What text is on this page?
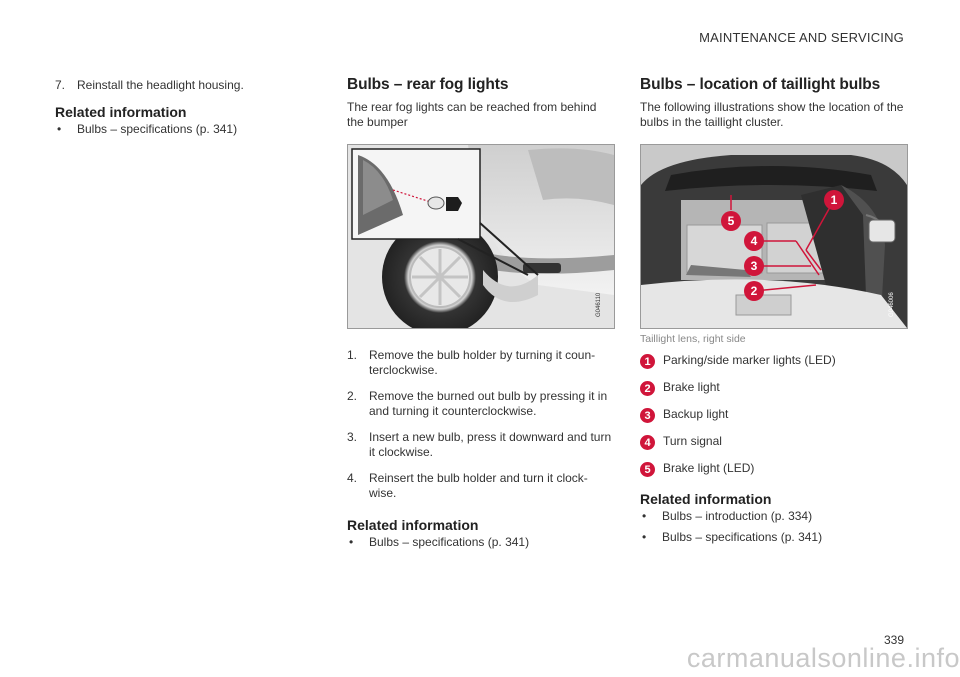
MAINTENANCE AND SERVICING
7. Reinstall the headlight housing.
Related information
• Bulbs – specifications (p. 341)
Bulbs – rear fog lights

The rear fog lights can be reached from behind the bumper

G046110
1. Remove the bulb holder by turning it coun-terclockwise.
2. Remove the burned out bulb by pressing it in and turning it counterclockwise.
3. Insert a new bulb, press it downward and turn it clockwise.
4. Reinsert the bulb holder and turn it clock-wise.
Related information
• Bulbs – specifications (p. 341)
Bulbs – location of taillight bulbs

The following illustrations show the location of the bulbs in the taillight cluster.

1
2
3
4
5
G046006
Taillight lens, right side
1	Parking/side marker lights (LED)
2	Brake light
3	Backup light
4	Turn signal
5	Brake light (LED)
Related information
• Bulbs – introduction (p. 334)
• Bulbs – specifications (p. 341)
339
carmanualsonline.info
